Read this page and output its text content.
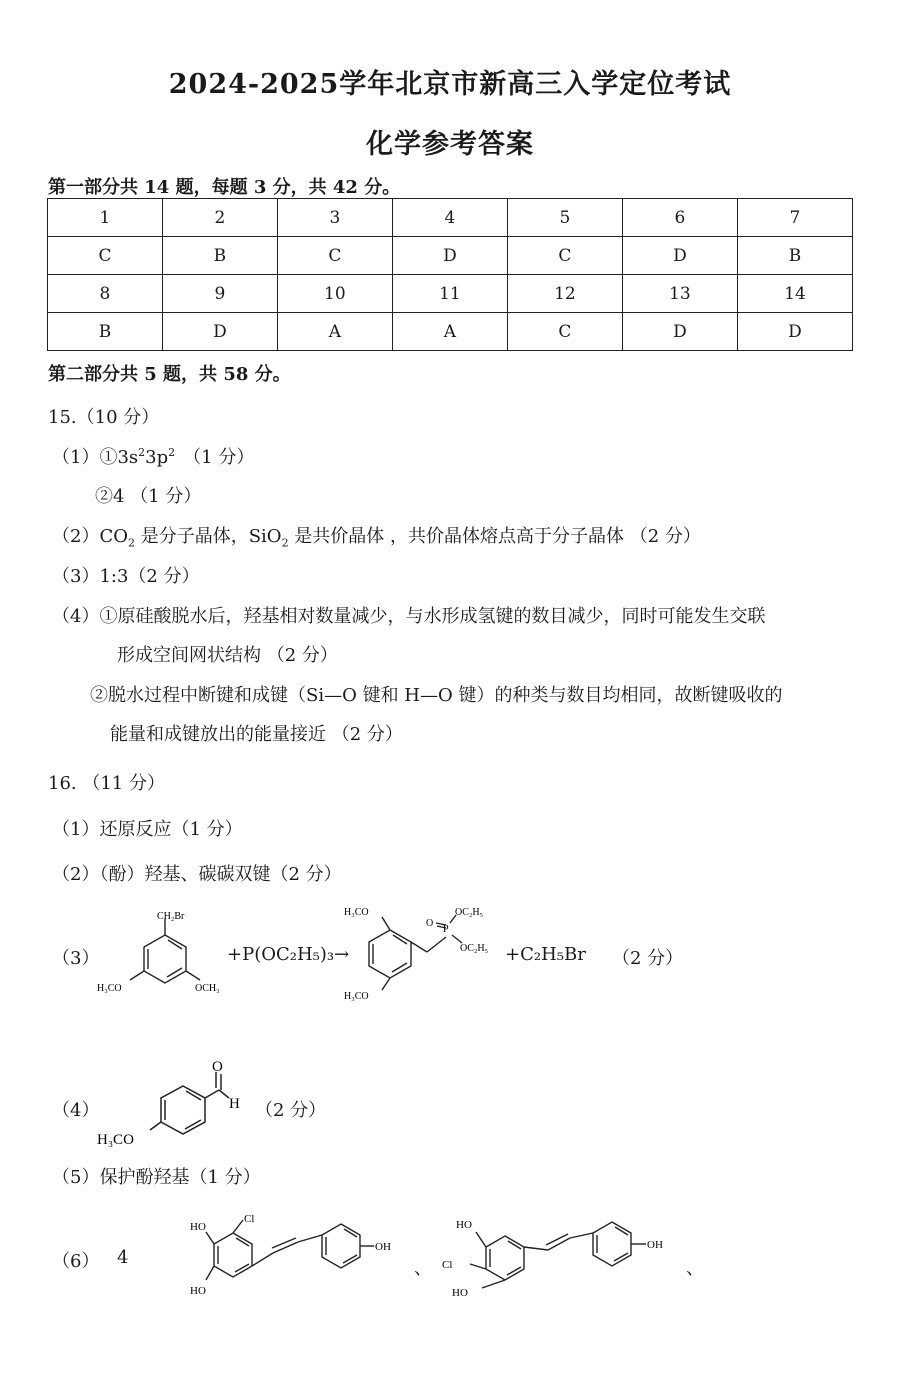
2024-2025学年北京市新高三入学定位考试
化学参考答案
第一部分共 14 题，每题 3 分，共 42 分。
1	2	3	4	5	6	7
C	B	C	D	C	D	B
8	9	10	11	12	13	14
B	D	A	A	C	D	D
第二部分共 5 题，共 58 分。
15.（10 分）
$(1)①3s^23p^2$ （1 分）
②4 （1 分）
$(2)CO_2$ 是分子晶体，SiO$_2$ 是共价晶体 ，共价晶体熔点高于分子晶体 （2 分）
（3）1:3（2 分）
（4）①原硅酸脱水后，羟基相对数量减少，与水形成氢键的数目减少，同时可能发生交联
形成空间网状结构 （2 分）
②脱水过程中断键和成键（Si—O 键和 H—O 键）的种类与数目均相同，故断键吸收的
能量和成键放出的能量接近 （2 分）
16. （11 分）
（1）还原反应（1 分）
（2）（酚）羟基、碳碳双键（2 分）
（3）
CH₂Br
H₃CO	OCH₃
+P(OC₂H₅)₃→
H₃CO
H₃CO
O
P
OC₂H₅
OC₂H₅ +C₂H₅Br （2 分）
（4）
O
H
H₃CO
（2 分）
（5）保护酚羟基（1 分）
（6） 4
HO
Cl
HO
OH
、
HO
Cl
HO
OH
、
